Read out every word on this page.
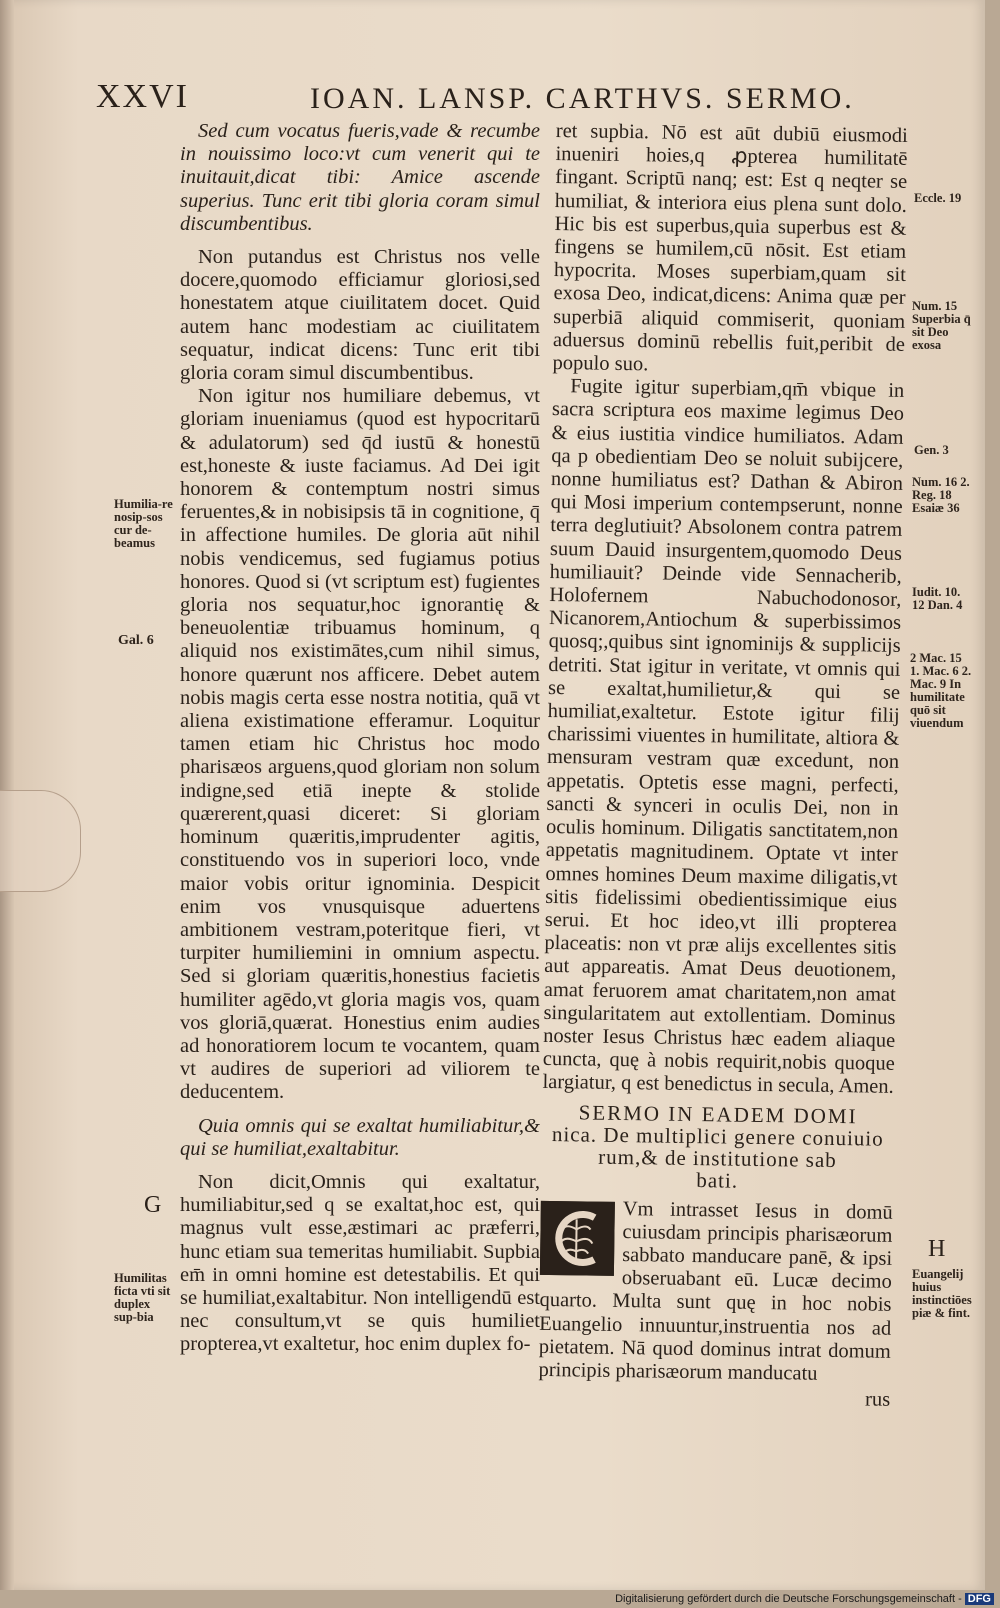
XXVI	IOAN. LANSP. CARTHVS. SERMO.

Sed cum vocatus fueris,vade & recumbe in nouissimo loco:vt cum venerit qui te inuitauit,dicat tibi: Amice ascende superius. Tunc erit tibi gloria coram simul discumbentibus.

Non putandus est Christus nos velle docere,quomodo efficiamur gloriosi,sed honestatem atque ciuilitatem docet. Quid autem hanc modestiam ac ciuilitatem sequatur, indicat dicens: Tunc erit tibi gloria coram simul discumbentibus.

Non igitur nos humiliare debemus, vt gloriam inueniamus (quod est hypocritarū & adulatorum) sed q̄d iustū & honestū est,honeste & iuste faciamus. Ad Dei igit honorem & contemptum nostri simus feruentes,& in nobisipsis tā in cognitione, q̄ in affectione humiles. De gloria aūt nihil nobis vendicemus, sed fugiamus potius honores. Quod si (vt scriptum est) fugientes gloria nos sequatur,hoc ignorantię & beneuolentiæ tribuamus hominum, q aliquid nos existimātes,cum nihil simus, honore quærunt nos afficere. Debet autem nobis magis certa esse nostra notitia, quā vt aliena existimatione efferamur. Loquitur tamen etiam hic Christus hoc modo pharisæos arguens,quod gloriam non solum indigne,sed etiā inepte & stolide quærerent,quasi diceret: Si gloriam hominum quæritis,imprudenter agitis, constituendo vos in superiori loco, vnde maior vobis oritur ignominia. Despicit enim vos vnusquisque aduertens ambitionem vestram,poteritque fieri, vt turpiter humiliemini in omnium aspectu. Sed si gloriam quæritis,honestius facietis humiliter agēdo,vt gloria magis vos, quam vos gloriā,quærat. Honestius enim audies ad honoratiorem locum te vocantem, quam vt audires de superiori ad viliorem te deducentem.

Quia omnis qui se exaltat humiliabitur,& qui se humiliat,exaltabitur.

Non dicit,Omnis qui exaltatur, humiliabitur,sed q se exaltat,hoc est, qui magnus vult esse,æstimari ac præferri, hunc etiam sua temeritas humiliabit. Supbia em̄ in omni homine est detestabilis. Et qui se humiliat,exaltabitur. Non intelligendū est nec consultum,vt se quis humiliet propterea,vt exaltetur, hoc enim duplex fo-

ret supbia. Nō est aūt dubiū eiusmodi inueniri hoies,q ꝓpterea humilitatē fingant. Scriptū nanq; est: Est q neqter se humiliat, & interiora eius plena sunt dolo. Hic bis est superbus,quia superbus est & fingens se humilem,cū nōsit. Est etiam hypocrita. Moses superbiam,quam sit exosa Deo, indicat,dicens: Anima quæ per superbiā aliquid commiserit, quoniam aduersus dominū rebellis fuit,peribit de populo suo.

Fugite igitur superbiam,qm̄ vbique in sacra scriptura eos maxime legimus Deo & eius iustitia vindice humiliatos. Adam qa p obedientiam Deo se noluit subijcere, nonne humiliatus est? Dathan & Abiron qui Mosi imperium contempserunt, nonne terra deglutiuit? Absolonem contra patrem suum Dauid insurgentem,quomodo Deus humiliauit? Deinde vide Sennacherib, Holofernem Nabuchodonosor, Nicanorem,Antiochum & superbissimos quosq;,quibus sint ignominijs & supplicijs detriti. Stat igitur in veritate, vt omnis qui se exaltat,humilietur,& qui se humiliat,exaltetur. Estote igitur filij charissimi viuentes in humilitate, altiora & mensuram vestram quæ excedunt, non appetatis. Optetis esse magni, perfecti, sancti & synceri in oculis Dei, non in oculis hominum. Diligatis sanctitatem,non appetatis magnitudinem. Optate vt inter omnes homines Deum maxime diligatis,vt sitis fidelissimi obedientissimique eius serui. Et hoc ideo,vt illi propterea placeatis: non vt præ alijs excellentes sitis aut appareatis. Amat Deus deuotionem, amat feruorem amat charitatem,non amat singularitatem aut extollentiam. Dominus noster Iesus Christus hæc eadem aliaque cuncta, quę à nobis requirit,nobis quoque largiatur, q est benedictus in secula, Amen.

SERMO IN EADEM DOMI
nica. De multiplici genere conuiuio
rum,& de institutione sab
bati.

Vm intrasset Iesus in domū cuiusdam principis pharisæorum sabbato manducare panē, & ipsi obseruabant eū. Lucæ decimo quarto. Multa sunt quę in hoc nobis Euangelio innuuntur,instruentia nos ad pietatem. Nā quod dominus intrat domum principis pharisæorum manducatu

rus

Humilia-re nosip-sos cur de-beamus
Gal. 6
G
Humilitas ficta vti sit duplex sup-bia
Eccle. 19
Num. 15 Superbia q̄ sit Deo exosa
Gen. 3
Num. 16 2. Reg. 18 Esaiæ 36
Iudit. 10. 12 Dan. 4
2 Mac. 15 1. Mac. 6 2. Mac. 9 In humilitate quō sit viuendum
H
Euangelij huius instinctiōes piæ & fint.
Digitalisierung gefördert durch die Deutsche Forschungsgemeinschaft - DFG
